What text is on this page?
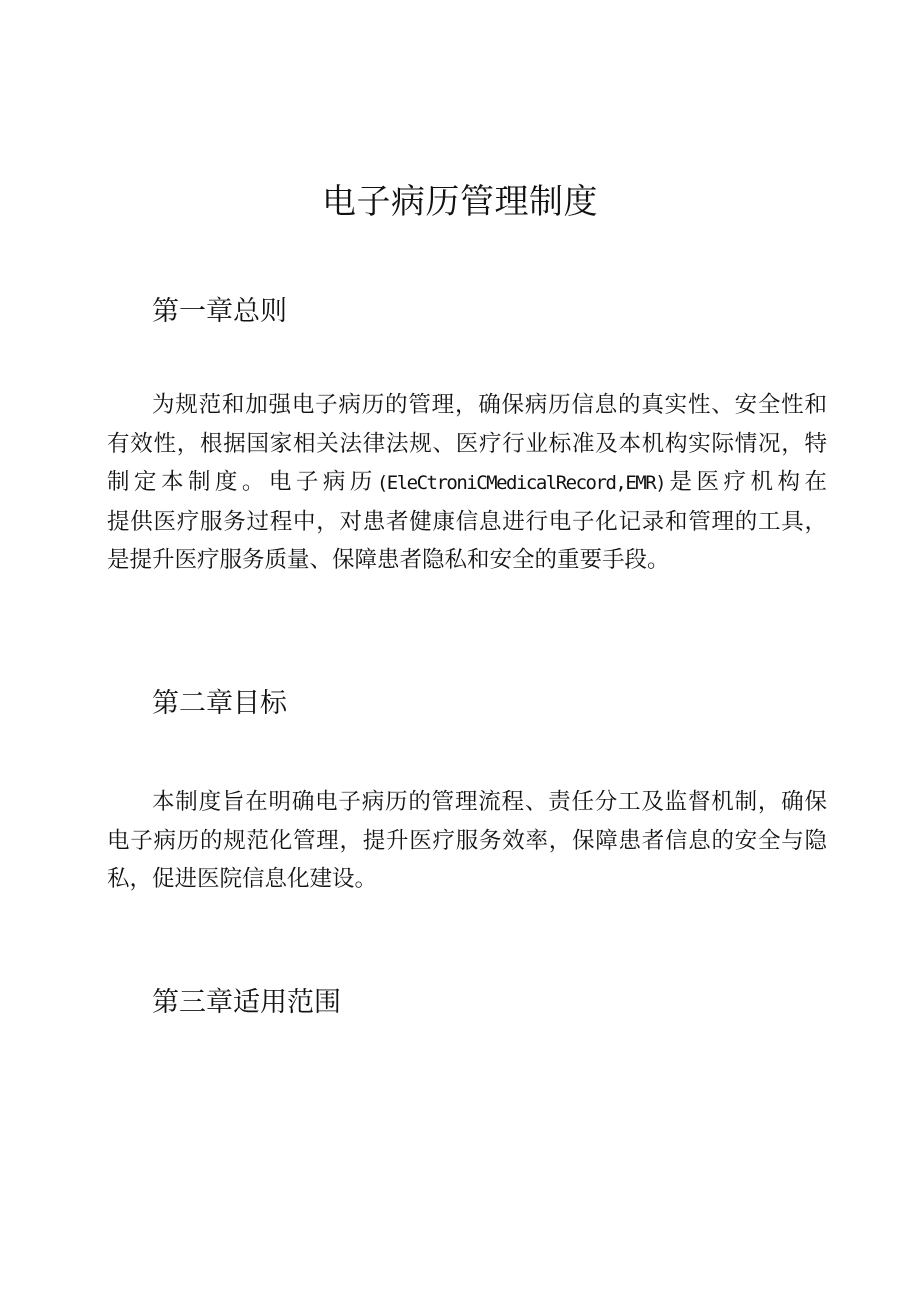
电子病历管理制度
第一章总则
为规范和加强电子病历的管理，确保病历信息的真实性、安全性和
有效性，根据国家相关法律法规、医疗行业标准及本机构实际情况，特
制定本制度。电子病历(EleCtroniCMedicalRecord,EMR)是医疗机构在
提供医疗服务过程中，对患者健康信息进行电子化记录和管理的工具，
是提升医疗服务质量、保障患者隐私和安全的重要手段。
第二章目标
本制度旨在明确电子病历的管理流程、责任分工及监督机制，确保
电子病历的规范化管理，提升医疗服务效率，保障患者信息的安全与隐
私，促进医院信息化建设。
第三章适用范围
